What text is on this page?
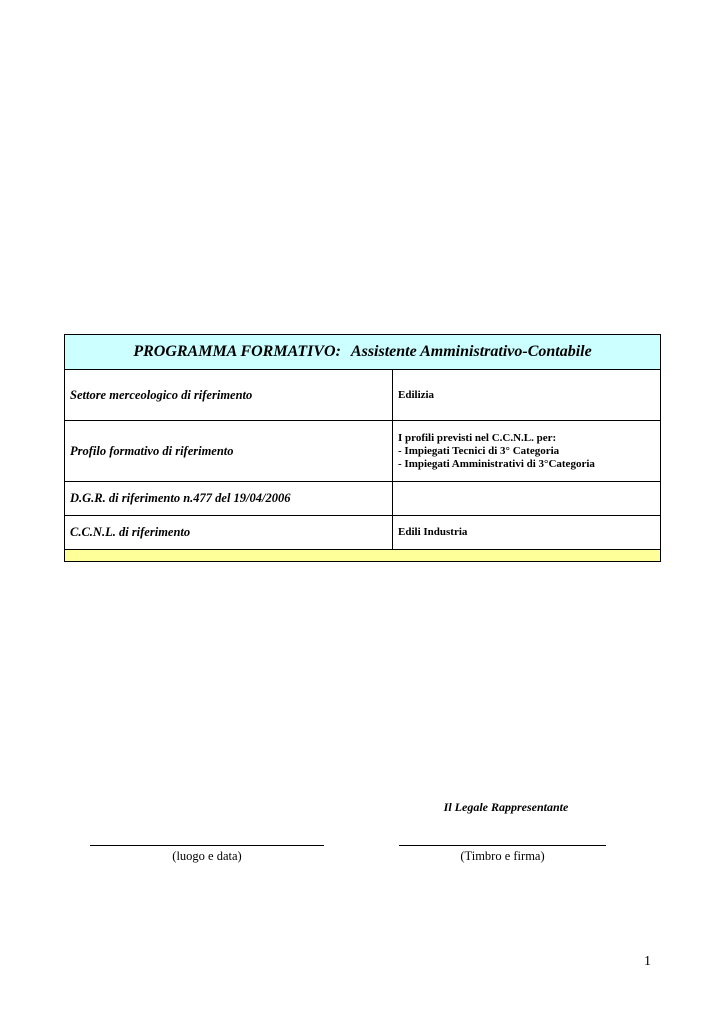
PROGRAMMA FORMATIVO: Assistente Amministrativo-Contabile	
Settore merceologico di riferimento	Edilizia
Profilo formativo di riferimento	I profili previsti nel C.C.N.L. per:
- Impiegati Tecnici di 3° Categoria
- Impiegati Amministrativi di 3°Categoria

D.G.R. di riferimento n.477 del 19/04/2006	
C.C.N.L. di riferimento	Edili Industria

Il Legale Rappresentante
(luogo e data)	(Timbro e firma)
1
